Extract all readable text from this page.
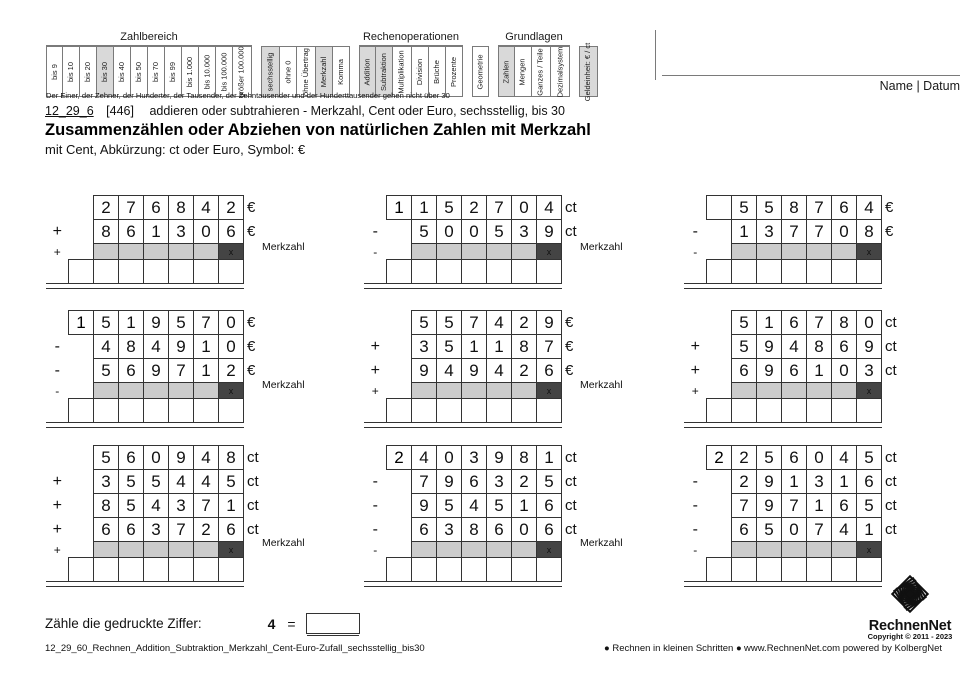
Zahlbereich
bis 9 bis 10 bis 20 bis 30 bis 40 bis 50 bis 70 bis 99 bis 1.000 bis 10.000 bis 100.000 größer 100.000	sechsstellig ohne 0 ohne Übertrag Merkzahl Komma
Rechenoperationen
Addition Subtraktion Multiplikation Division Brüche Prozente Geometrie
Grundlagen
Zahlen Mengen Ganzes / Teile Dezimalsystem	Geldeinheit: € / ct	Name | Datum
Der Einer, der Zehner, der Hunderter, der Tausender, der Zehntausender und der Hunderttausender gehen nicht über 30
12_29_6 [446] addieren oder subtrahieren - Merkzahl, Cent oder Euro, sechsstellig, bis 30
Zusammenzählen oder Abziehen von natürlichen Zahlen mit Merkzahl
mit Cent, Abkürzung: ct oder Euro, Symbol: €
		2	7	6	8	4	2	€
+		8	6	1	3	0	6	€
+							x	

									Merkzahl
	1	1	5	2	7	0	4	ct
-		5	0	0	5	3	9	ct
-							x	

									Merkzahl
		5	5	8	7	6	4	€
-		1	3	7	7	0	8	€
-							x	

	1	5	1	9	5	7	0	€
-		4	8	4	9	1	0	€
-		5	6	9	7	1	2	€
-							x	

									Merkzahl
		5	5	7	4	2	9	€
+		3	5	1	1	8	7	€
+		9	4	9	4	2	6	€
+							x	

									Merkzahl
		5	1	6	7	8	0	ct
+		5	9	4	8	6	9	ct
+		6	9	6	1	0	3	ct
+							x	

		5	6	0	9	4	8	ct
+		3	5	5	4	4	5	ct
+		8	5	4	3	7	1	ct
+		6	6	3	7	2	6	ct
+							x	

Merkzahl
	2	4	0	3	9	8	1	ct
-		7	9	6	3	2	5	ct
-		9	5	4	5	1	6	ct
-		6	3	8	6	0	6	ct
-							x	

Merkzahl
	2	2	5	6	0	4	5	ct
-		2	9	1	3	1	6	ct
-		7	9	7	1	6	5	ct
-		6	5	0	7	4	1	ct
-							x	

Zähle die gedruckte Ziffer:	4 =
12_29_60_Rechnen_Addition_Subtraktion_Merkzahl_Cent-Euro-Zufall_sechsstellig_bis30	● Rechnen in kleinen Schritten ● www.RechnenNet.com powered by KolbergNet
RechnenNet
Copyright © 2011 - 2023
